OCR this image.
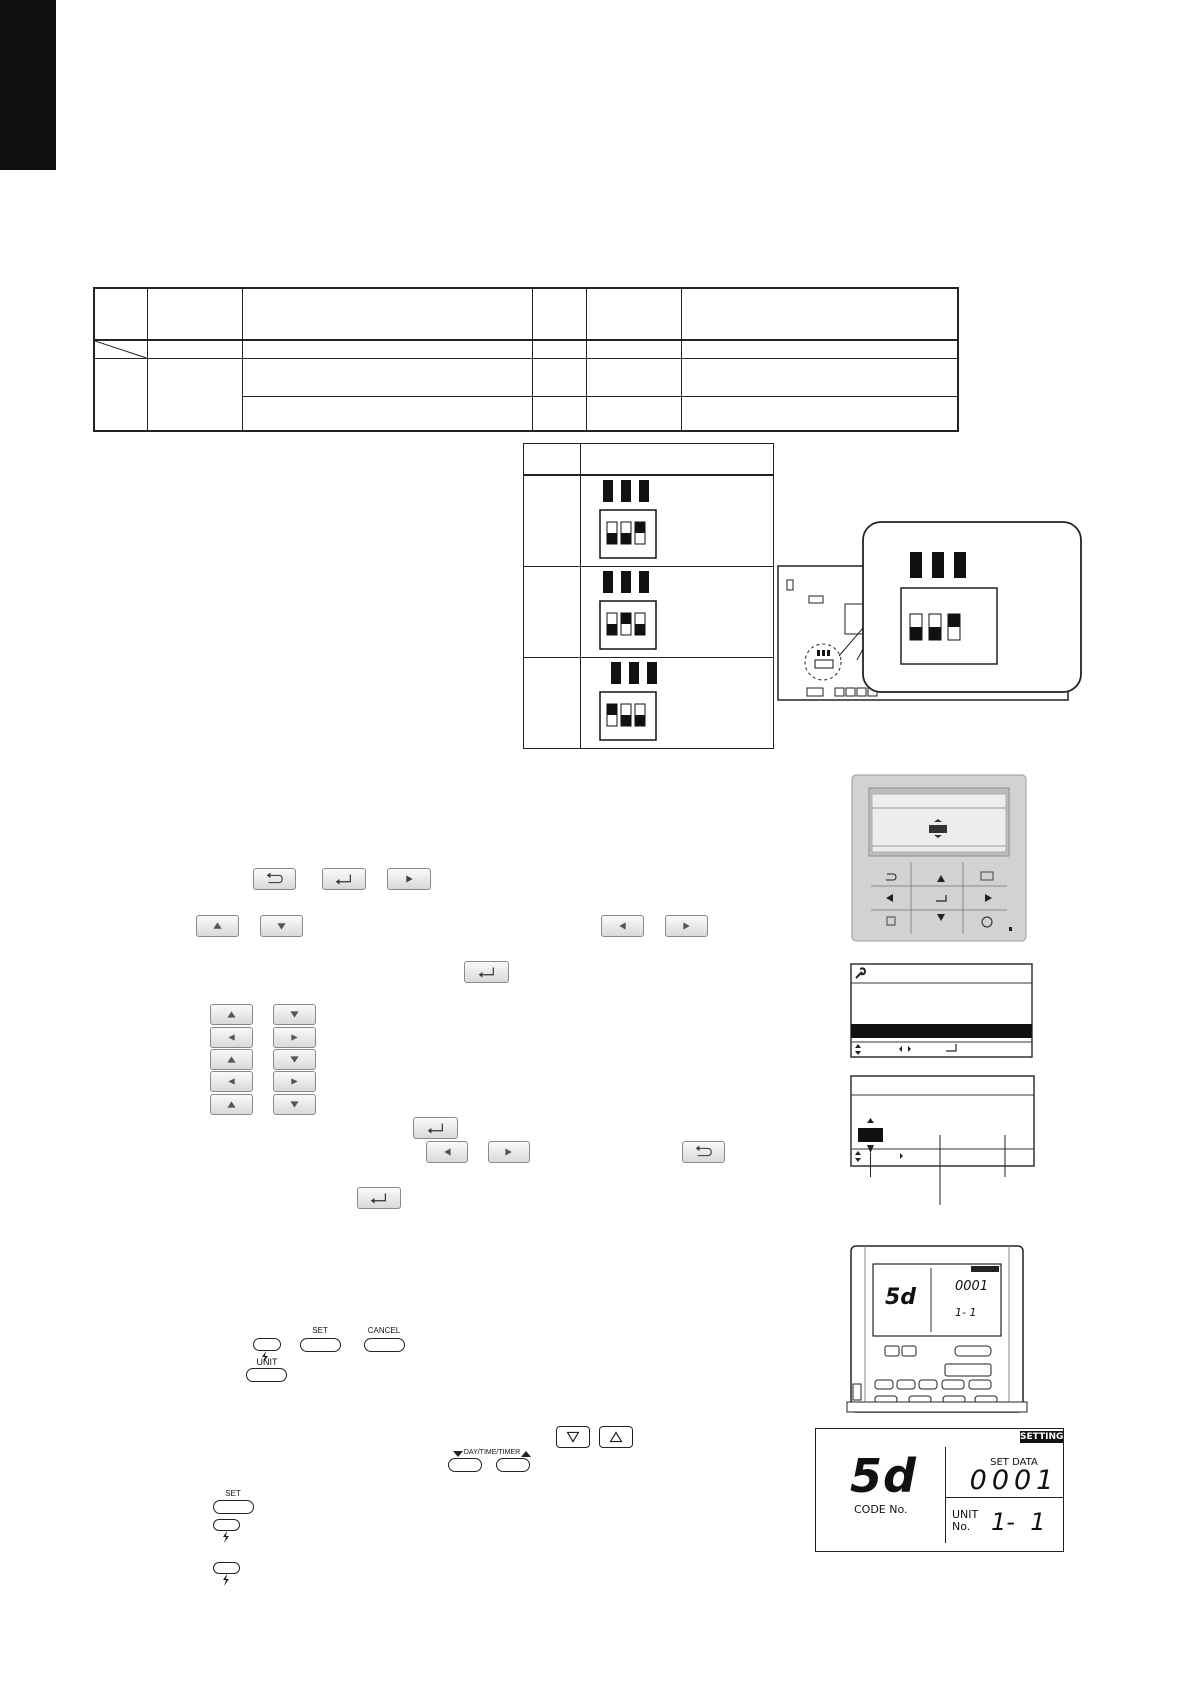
SET	CANCEL
UNIT
DAY/TIME/TIMER
SET
5d	0001
1- 1
SETTING
SET DATA
0001
5d
CODE No.	UNIT
No. 1-  1
